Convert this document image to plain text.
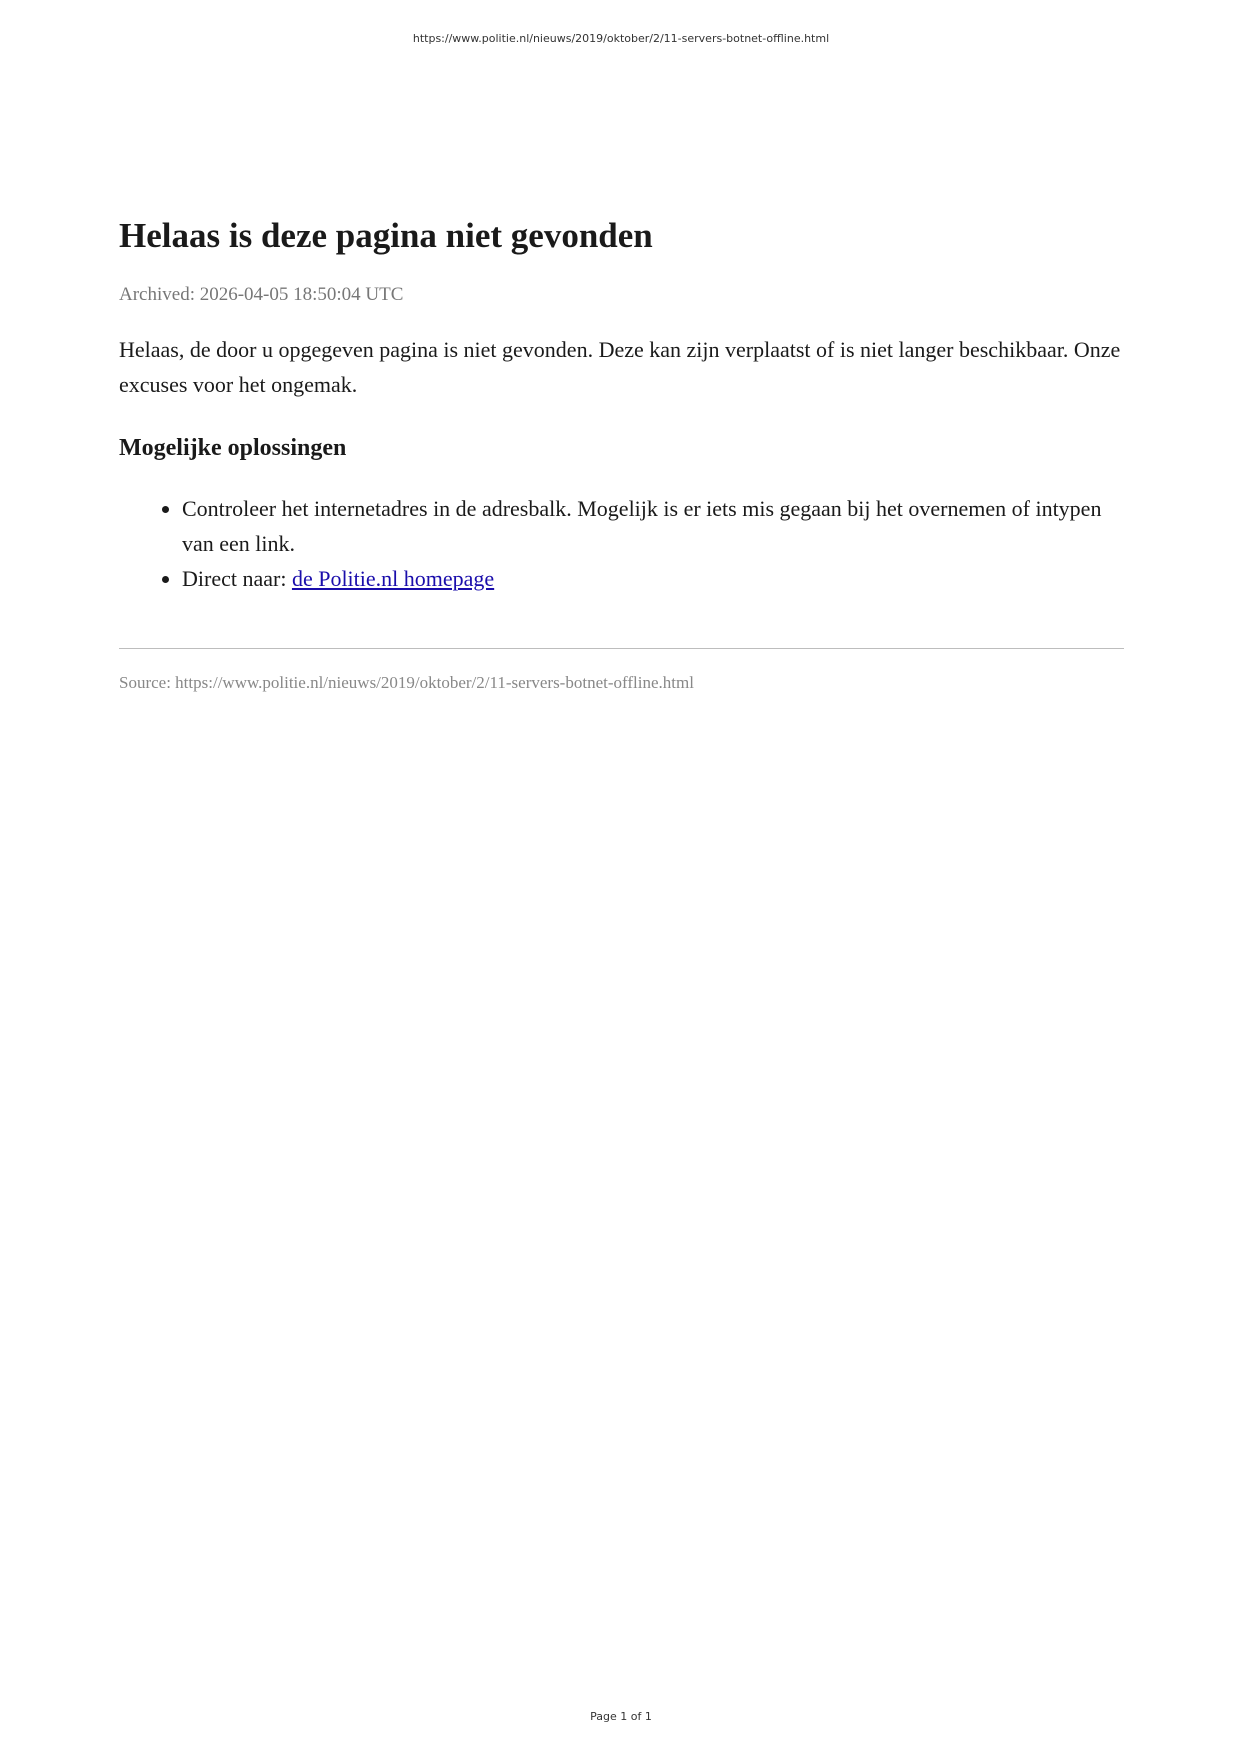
https://www.politie.nl/nieuws/2019/oktober/2/11-servers-botnet-offline.html
Helaas is deze pagina niet gevonden
Archived: 2026-04-05 18:50:04 UTC
Helaas, de door u opgegeven pagina is niet gevonden. Deze kan zijn verplaatst of is niet langer beschikbaar. Onze excuses voor het ongemak.
Mogelijke oplossingen
• Controleer het internetadres in de adresbalk. Mogelijk is er iets mis gegaan bij het overnemen of intypen van een link.
• Direct naar: de Politie.nl homepage
Source: https://www.politie.nl/nieuws/2019/oktober/2/11-servers-botnet-offline.html
Page 1 of 1
